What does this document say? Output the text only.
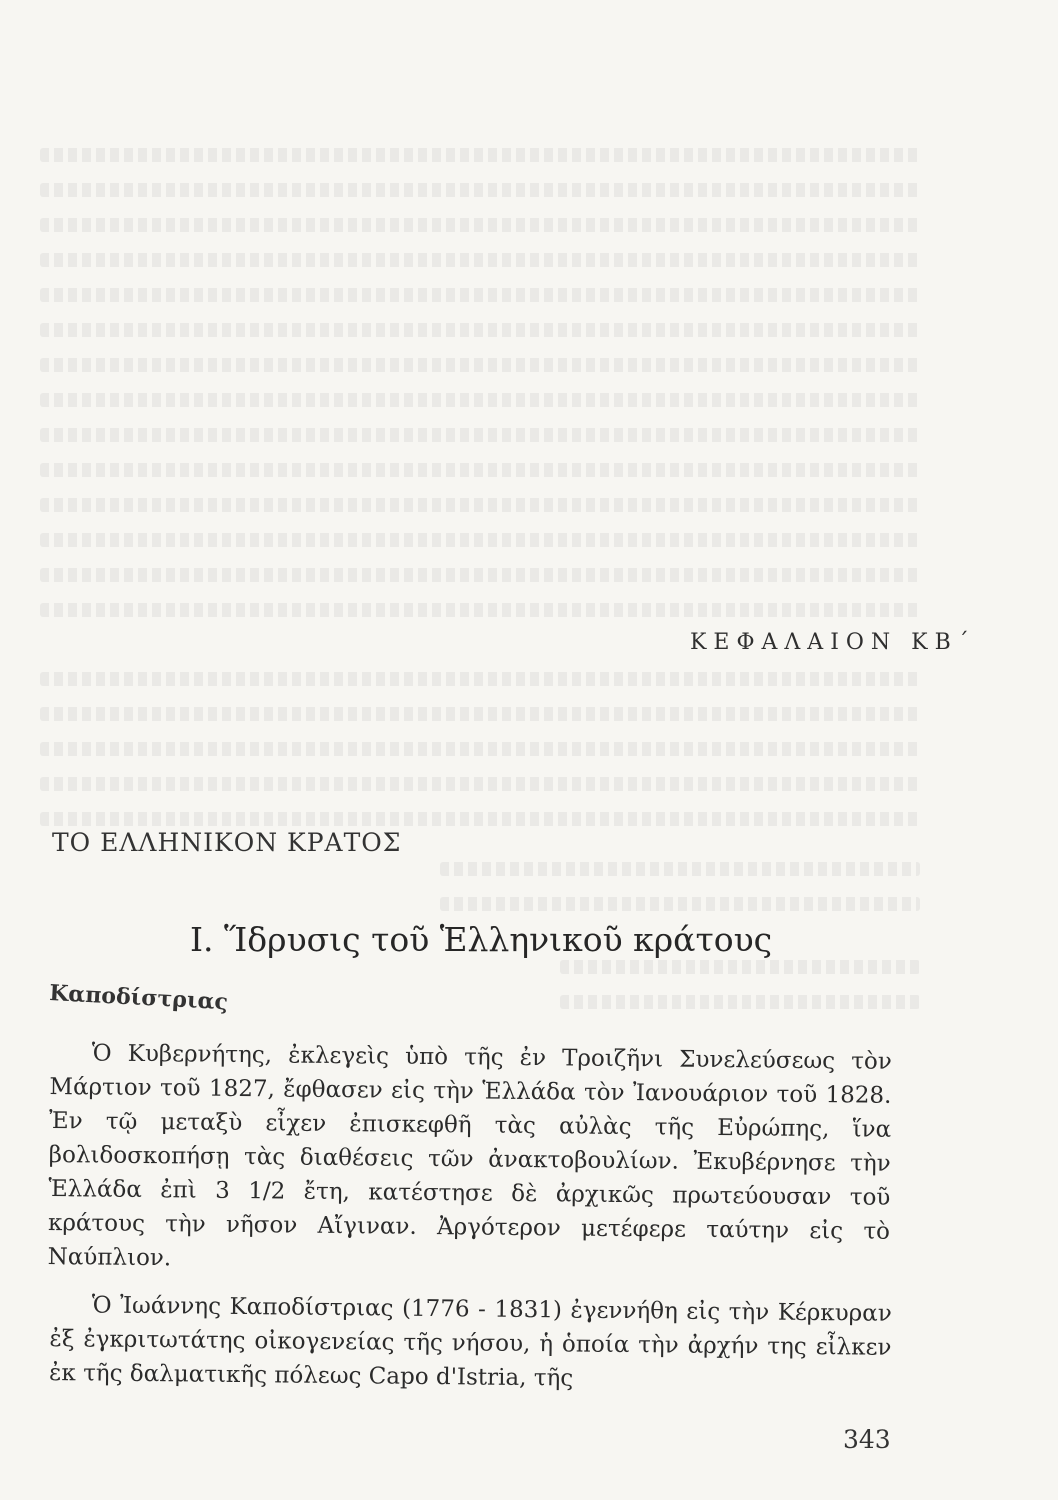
ΚΕΦΑΛΑΙΟΝ ΚΒ΄
ΤΟ ΕΛΛΗΝΙΚΟΝ ΚΡΑΤΟΣ
Ι. Ἵδρυσις τοῦ Ἑλληνικοῦ κράτους
Καποδίστριας
Ὁ Κυβερνήτης, ἐκλεγεὶς ὑπὸ τῆς ἐν Τροιζῆνι Συνελεύσεως τὸν Μάρτιον τοῦ 1827, ἔφθασεν εἰς τὴν Ἑλλάδα τὸν Ἰανουάριον τοῦ 1828. Ἐν τῷ μεταξὺ εἶχεν ἐπισκεφθῆ τὰς αὐλὰς τῆς Εὐρώπης, ἵνα βολιδοσκοπήσῃ τὰς διαθέσεις τῶν ἀνακτοβουλίων. Ἐκυβέρνησε τὴν Ἑλλάδα ἐπὶ 3 1/2 ἔτη, κατέστησε δὲ ἀρχικῶς πρωτεύουσαν τοῦ κράτους τὴν νῆσον Αἴγιναν. Ἀργότερον μετέφερε ταύτην εἰς τὸ Ναύπλιον.
Ὁ Ἰωάννης Καποδίστριας (1776 - 1831) ἐγεννήθη εἰς τὴν Κέρκυραν ἐξ ἐγκριτωτάτης οἰκογενείας τῆς νήσου, ἡ ὁποία τὴν ἀρχήν της εἶλκεν ἐκ τῆς δαλματικῆς πόλεως Capo d'Istria, τῆς
343
